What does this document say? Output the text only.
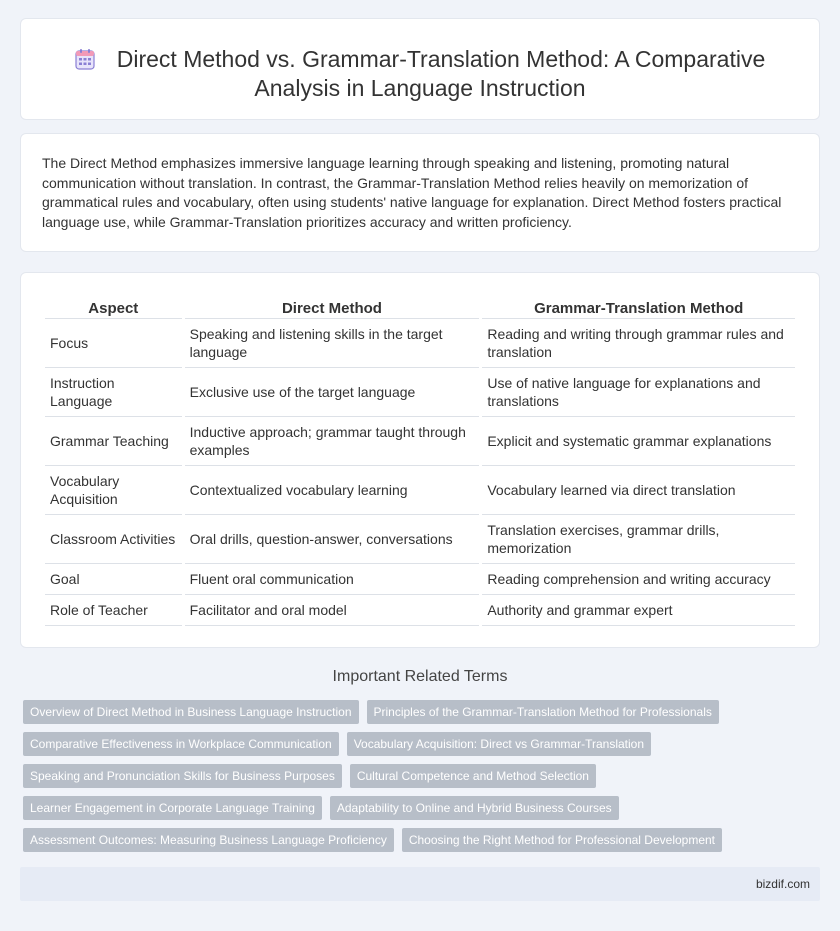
Direct Method vs. Grammar-Translation Method: A Comparative Analysis in Language Instruction

The Direct Method emphasizes immersive language learning through speaking and listening, promoting natural communication without translation. In contrast, the Grammar-Translation Method relies heavily on memorization of grammatical rules and vocabulary, often using students' native language for explanation. Direct Method fosters practical language use, while Grammar-Translation prioritizes accuracy and written proficiency.

Aspect	Direct Method	Grammar-Translation Method
Focus	Speaking and listening skills in the target language	Reading and writing through grammar rules and translation
Instruction Language	Exclusive use of the target language	Use of native language for explanations and translations
Grammar Teaching	Inductive approach; grammar taught through examples	Explicit and systematic grammar explanations
Vocabulary Acquisition	Contextualized vocabulary learning	Vocabulary learned via direct translation
Classroom Activities	Oral drills, question-answer, conversations	Translation exercises, grammar drills, memorization
Goal	Fluent oral communication	Reading comprehension and writing accuracy
Role of Teacher	Facilitator and oral model	Authority and grammar expert
Important Related Terms
Overview of Direct Method in Business Language Instruction	Principles of the Grammar-Translation Method for Professionals
Comparative Effectiveness in Workplace Communication	Vocabulary Acquisition: Direct vs Grammar-Translation
Speaking and Pronunciation Skills for Business Purposes	Cultural Competence and Method Selection
Learner Engagement in Corporate Language Training	Adaptability to Online and Hybrid Business Courses
Assessment Outcomes: Measuring Business Language Proficiency	Choosing the Right Method for Professional Development
bizdif.com
